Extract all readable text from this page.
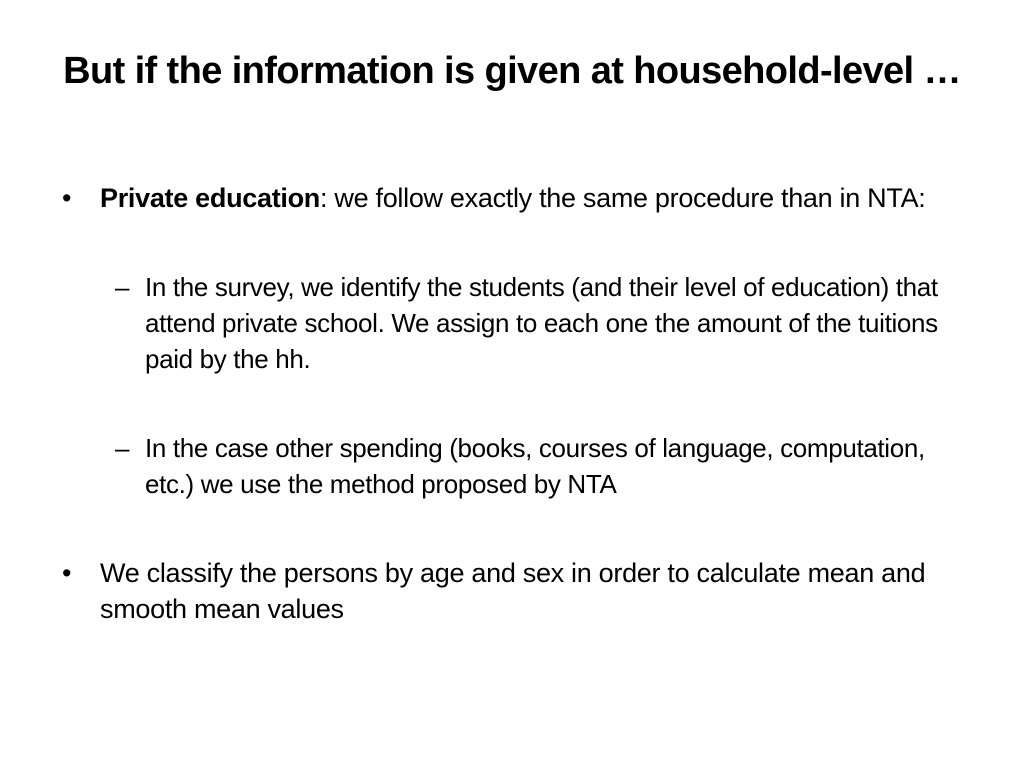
But if the information is given at household-level …
• Private education: we follow exactly the same procedure than in NTA:
– In the survey, we identify the students (and their level of education) that attend private school. We assign to each one the amount of the tuitions paid by the hh.
– In the case other spending (books, courses of language, computation, etc.) we use the method proposed by NTA
• We classify the persons by age and sex in order to calculate mean and smooth mean values
